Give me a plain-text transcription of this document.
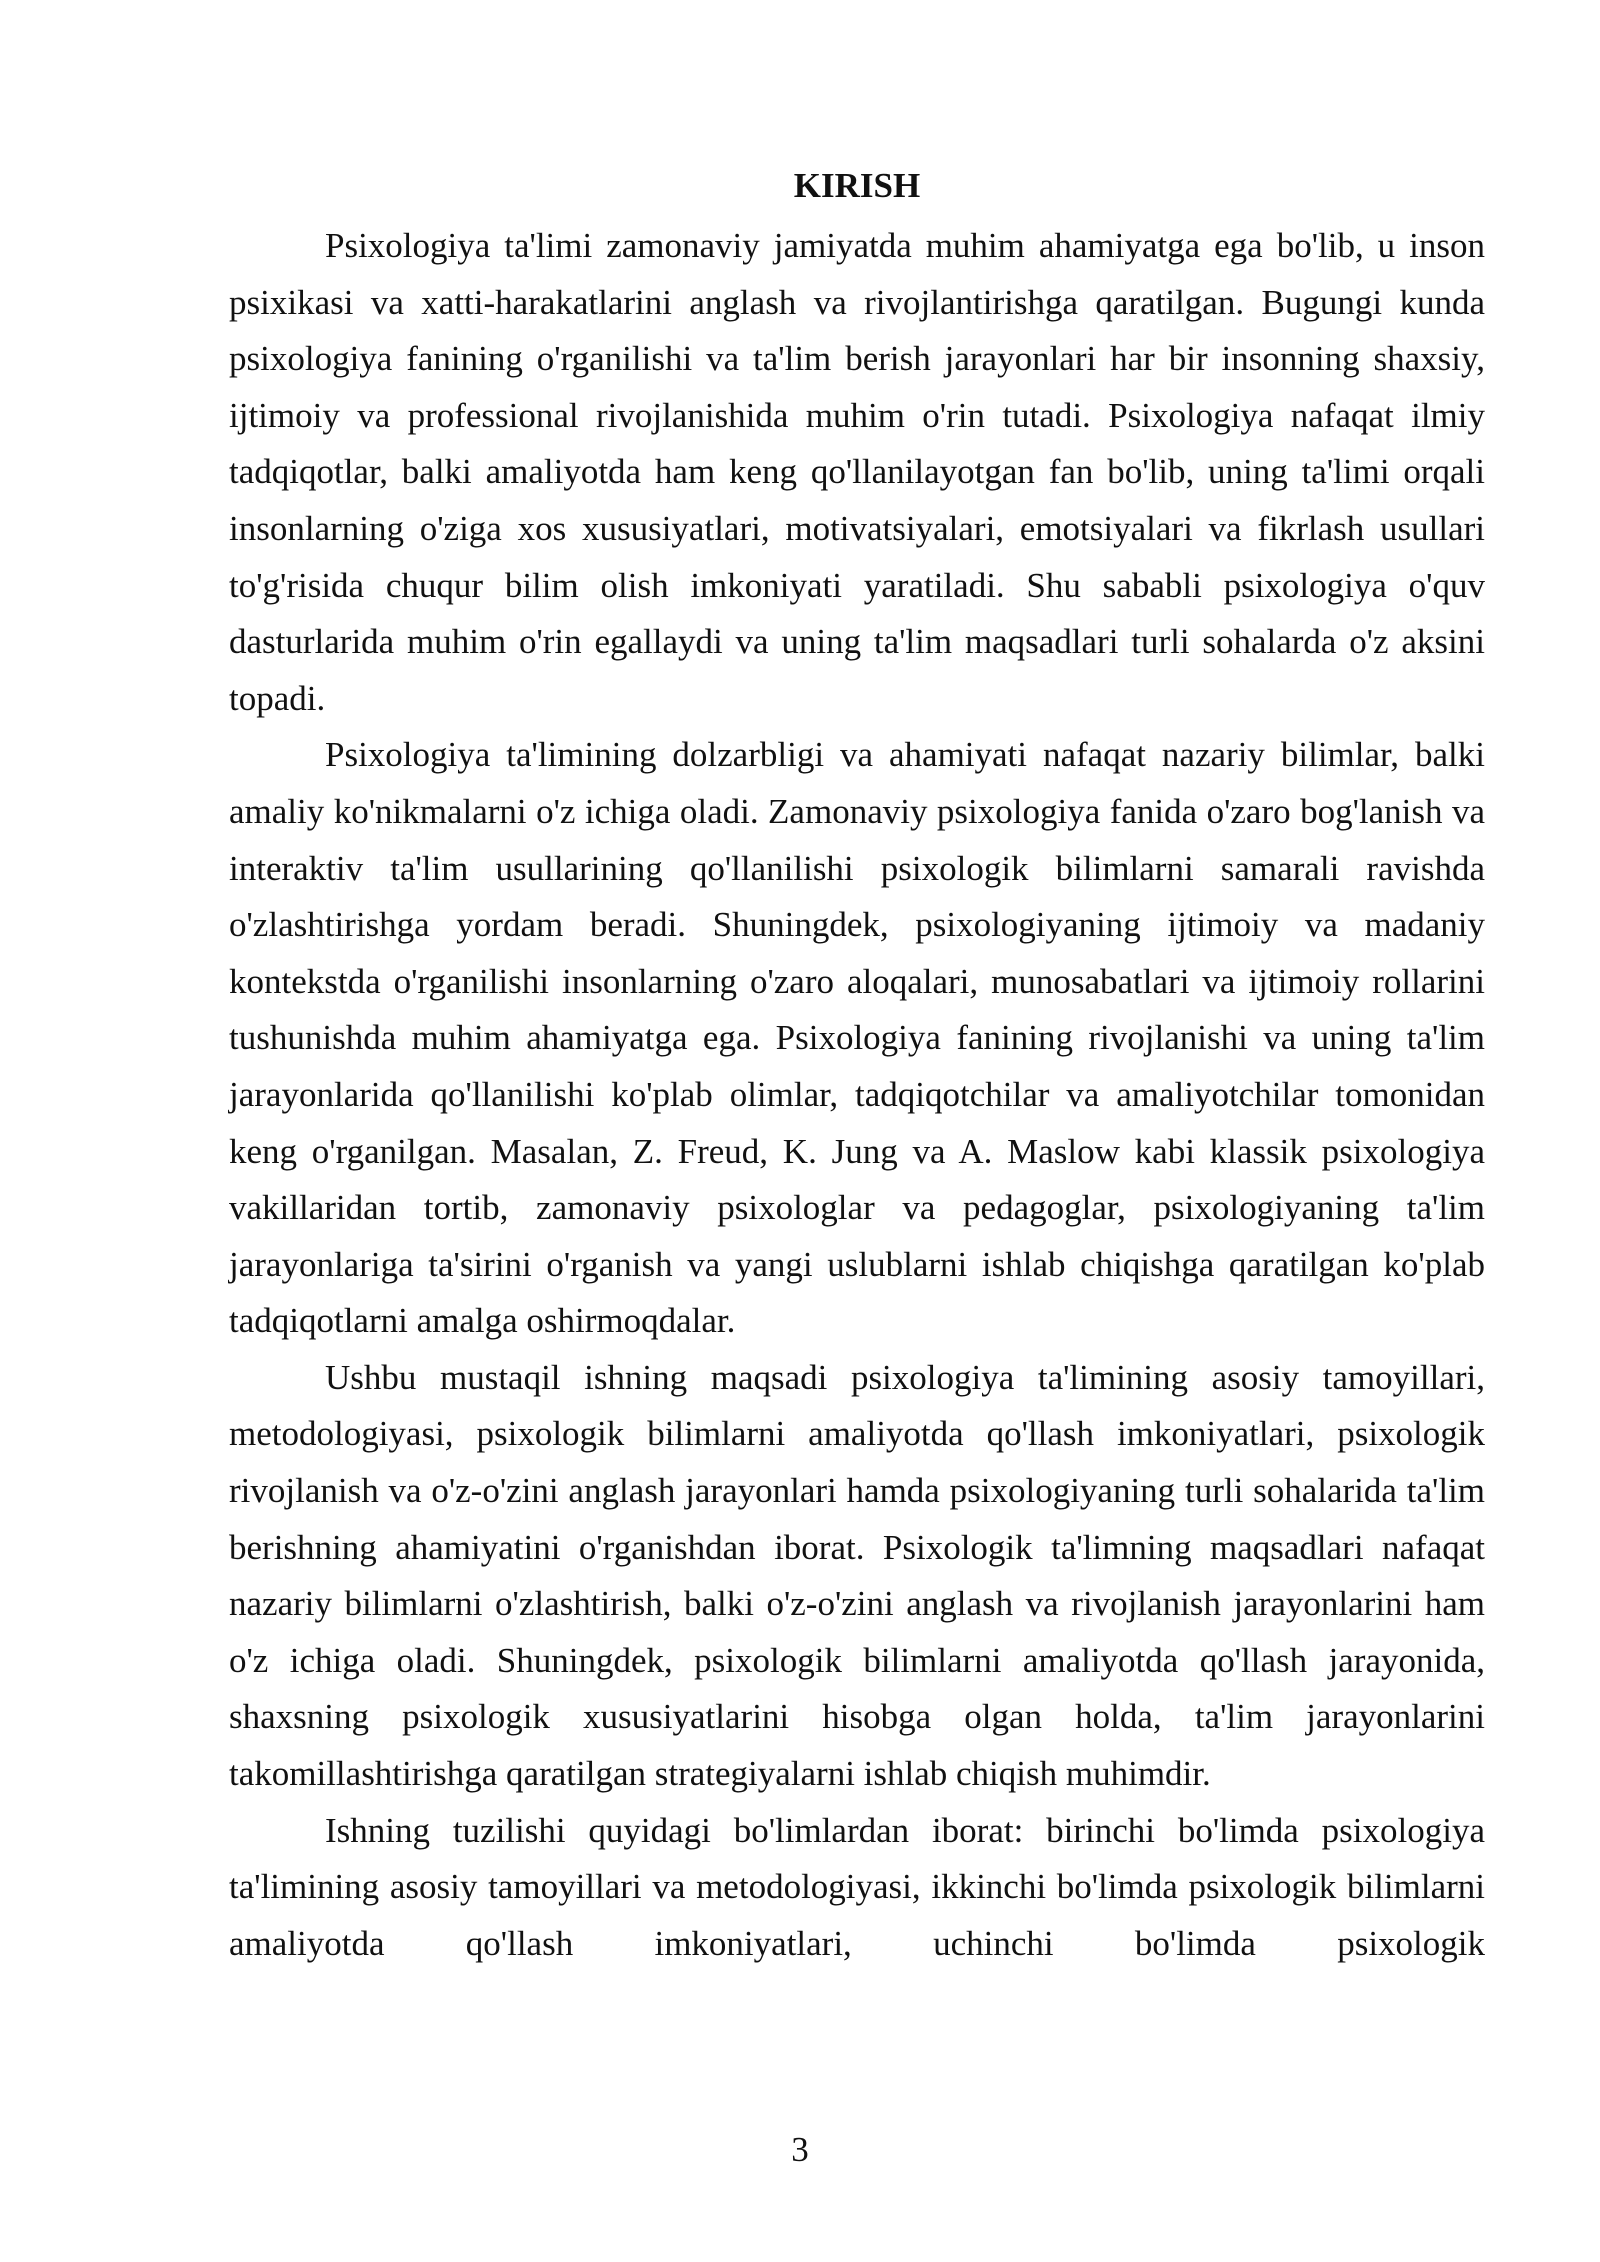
KIRISH

Psixologiya ta'limi zamonaviy jamiyatda muhim ahamiyatga ega bo'lib, u inson psixikasi va xatti-harakatlarini anglash va rivojlantirishga qaratilgan. Bugungi kunda psixologiya fanining o'rganilishi va ta'lim berish jarayonlari har bir insonning shaxsiy, ijtimoiy va professional rivojlanishida muhim o'rin tutadi. Psixologiya nafaqat ilmiy tadqiqotlar, balki amaliyotda ham keng qo'llanilayotgan fan bo'lib, uning ta'limi orqali insonlarning o'ziga xos xususiyatlari, motivatsiyalari, emotsiyalari va fikrlash usullari to'g'risida chuqur bilim olish imkoniyati yaratiladi. Shu sababli psixologiya o'quv dasturlarida muhim o'rin egallaydi va uning ta'lim maqsadlari turli sohalarda o'z aksini topadi.

Psixologiya ta'limining dolzarbligi va ahamiyati nafaqat nazariy bilimlar, balki amaliy ko'nikmalarni o'z ichiga oladi. Zamonaviy psixologiya fanida o'zaro bog'lanish va interaktiv ta'lim usullarining qo'llanilishi psixologik bilimlarni samarali ravishda o'zlashtirishga yordam beradi. Shuningdek, psixologiyaning ijtimoiy va madaniy kontekstda o'rganilishi insonlarning o'zaro aloqalari, munosabatlari va ijtimoiy rollarini tushunishda muhim ahamiyatga ega. Psixologiya fanining rivojlanishi va uning ta'lim jarayonlarida qo'llanilishi ko'plab olimlar, tadqiqotchilar va amaliyotchilar tomonidan keng o'rganilgan. Masalan, Z. Freud, K. Jung va A. Maslow kabi klassik psixologiya vakillaridan tortib, zamonaviy psixologlar va pedagoglar, psixologiyaning ta'lim jarayonlariga ta'sirini o'rganish va yangi uslublarni ishlab chiqishga qaratilgan ko'plab tadqiqotlarni amalga oshirmoqdalar.

Ushbu mustaqil ishning maqsadi psixologiya ta'limining asosiy tamoyillari, metodologiyasi, psixologik bilimlarni amaliyotda qo'llash imkoniyatlari, psixologik rivojlanish va o'z-o'zini anglash jarayonlari hamda psixologiyaning turli sohalarida ta'lim berishning ahamiyatini o'rganishdan iborat. Psixologik ta'limning maqsadlari nafaqat nazariy bilimlarni o'zlashtirish, balki o'z-o'zini anglash va rivojlanish jarayonlarini ham o'z ichiga oladi. Shuningdek, psixologik bilimlarni amaliyotda qo'llash jarayonida, shaxsning psixologik xususiyatlarini hisobga olgan holda, ta'lim jarayonlarini takomillashtirishga qaratilgan strategiyalarni ishlab chiqish muhimdir.

Ishning tuzilishi quyidagi bo'limlardan iborat: birinchi bo'limda psixologiya ta'limining asosiy tamoyillari va metodologiyasi, ikkinchi bo'limda psixologik bilimlarni amaliyotda qo'llash imkoniyatlari, uchinchi bo'limda psixologik

3
